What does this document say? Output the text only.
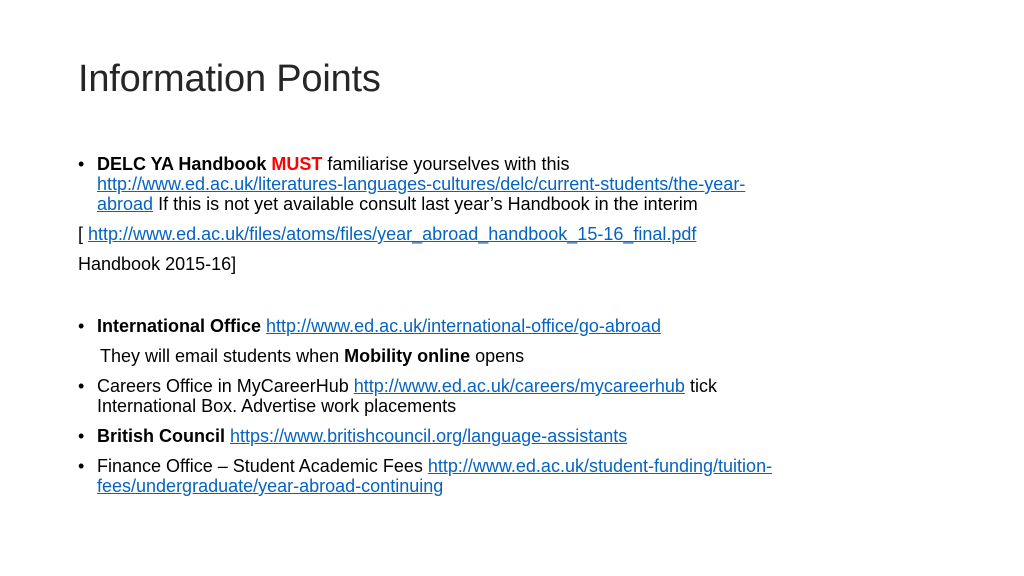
Information Points

• DELC YA Handbook MUST familiarise yourselves with this
http://www.ed.ac.uk/literatures-languages-cultures/delc/current-students/the-year-
abroad If this is not yet available consult last year’s Handbook in the interim

[ http://www.ed.ac.uk/files/atoms/files/year_abroad_handbook_15-16_final.pdf

Handbook 2015-16]

• International Office http://www.ed.ac.uk/international-office/go-abroad

They will email students when Mobility online opens

• Careers Office in MyCareerHub http://www.ed.ac.uk/careers/mycareerhub tick
International Box. Advertise work placements

• British Council https://www.britishcouncil.org/language-assistants

• Finance Office – Student Academic Fees http://www.ed.ac.uk/student-funding/tuition-
fees/undergraduate/year-abroad-continuing
